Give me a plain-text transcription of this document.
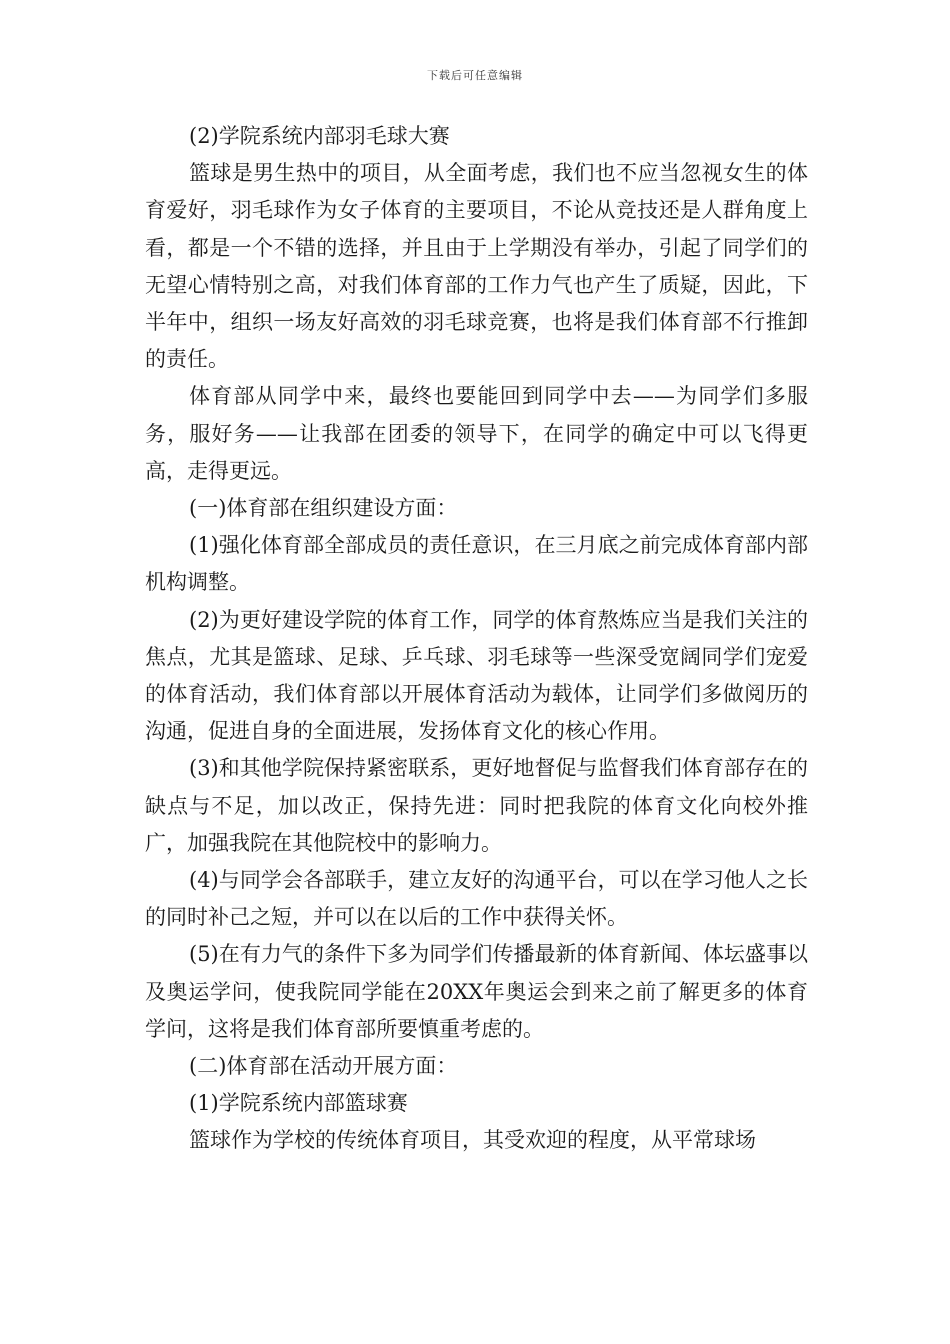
下载后可任意编辑

(2)学院系统内部羽毛球大赛

篮球是男生热中的项目，从全面考虑，我们也不应当忽视女生的体育爱好，羽毛球作为女子体育的主要项目，不论从竞技还是人群角度上看，都是一个不错的选择，并且由于上学期没有举办，引起了同学们的无望心情特别之高，对我们体育部的工作力气也产生了质疑，因此，下半年中，组织一场友好高效的羽毛球竞赛，也将是我们体育部不行推卸的责任。

体育部从同学中来，最终也要能回到同学中去——为同学们多服务，服好务——让我部在团委的领导下，在同学的确定中可以飞得更高，走得更远。

(一)体育部在组织建设方面：

(1)强化体育部全部成员的责任意识，在三月底之前完成体育部内部机构调整。

(2)为更好建设学院的体育工作，同学的体育熬炼应当是我们关注的焦点，尤其是篮球、足球、乒乓球、羽毛球等一些深受宽阔同学们宠爱的体育活动，我们体育部以开展体育活动为载体，让同学们多做阅历的沟通，促进自身的全面进展，发扬体育文化的核心作用。

(3)和其他学院保持紧密联系，更好地督促与监督我们体育部存在的缺点与不足，加以改正，保持先进：同时把我院的体育文化向校外推广，加强我院在其他院校中的影响力。

(4)与同学会各部联手，建立友好的沟通平台，可以在学习他人之长的同时补己之短，并可以在以后的工作中获得关怀。

(5)在有力气的条件下多为同学们传播最新的体育新闻、体坛盛事以及奥运学问，使我院同学能在20XX年奥运会到来之前了解更多的体育学问，这将是我们体育部所要慎重考虑的。

(二)体育部在活动开展方面：

(1)学院系统内部篮球赛

篮球作为学校的传统体育项目，其受欢迎的程度，从平常球场
